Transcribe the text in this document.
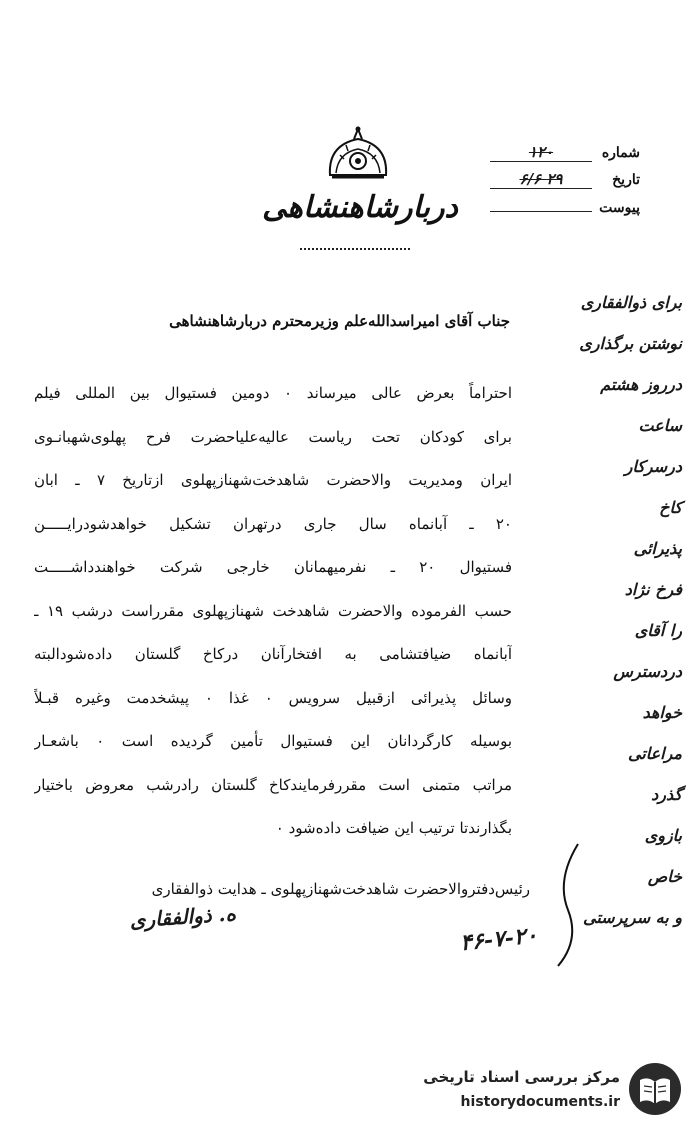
دربارشاهنشاهی
شماره
۱۲۰
تاریخ
۲۹ ۶/۶
پیوست
جناب آقای امیراسدالله‌علم وزیرمحترم دربارشاهنشاهی
احتراماً بعرض عالی میرساند ۰ دومین فستیوال بین المللی فیلم
برای کودکان تحت ریاست عالیه‌علیاحضرت فرح پهلوی‌شهبانـوی
ایران ومدیریت والاحضرت شاهدخت‌شهنازپهلوی ازتاریخ ۷ ـ ابان
۲۰ ـ آبانماه سال جاری درتهران تشکیل خواهدشودرایـــــن
فستیوال ۲۰ ـ نفرمیهمانان خارجی شرکت خواهندداشـــــت
حسب الفرموده والاحضرت شاهدخت شهنازپهلوی مقرراست درشب ۱۹ ـ
آبانماه ضیافتشامی به افتخارآنان درکاخ گلستان داده‌شودالبته
وسائل پذیرائی ازقبیل سرویس ۰ غذا ۰ پیشخدمت وغیره قبـلاً
بوسیله کارگردانان این فستیوال تأمین گردیده است ۰ باشعـار
مراتب متمنی است مقررفرمایندکاخ گلستان رادرشب معروض باختیار
بگذارندتا ترتیب این ضیافت داده‌شود ۰
رئیس‌دفتروالاحضرت شاهدخت‌شهنازپهلوی ـ هدایت ذوالفقاری
ه. ذوالفقاری
۴۶-۷-۲۰
برای ذوالفقاری
نوشتن برگذاری
درروز هشتم
ساعت
درسرکار
کاخ
پذیرائی
فرخ نژاد
را آقای
دردسترس
خواهد
مراعاتی
گذرد
بازوی
خاص
و به سرپرستی
مرکز بررسی اسناد تاریخی
historydocuments.ir
